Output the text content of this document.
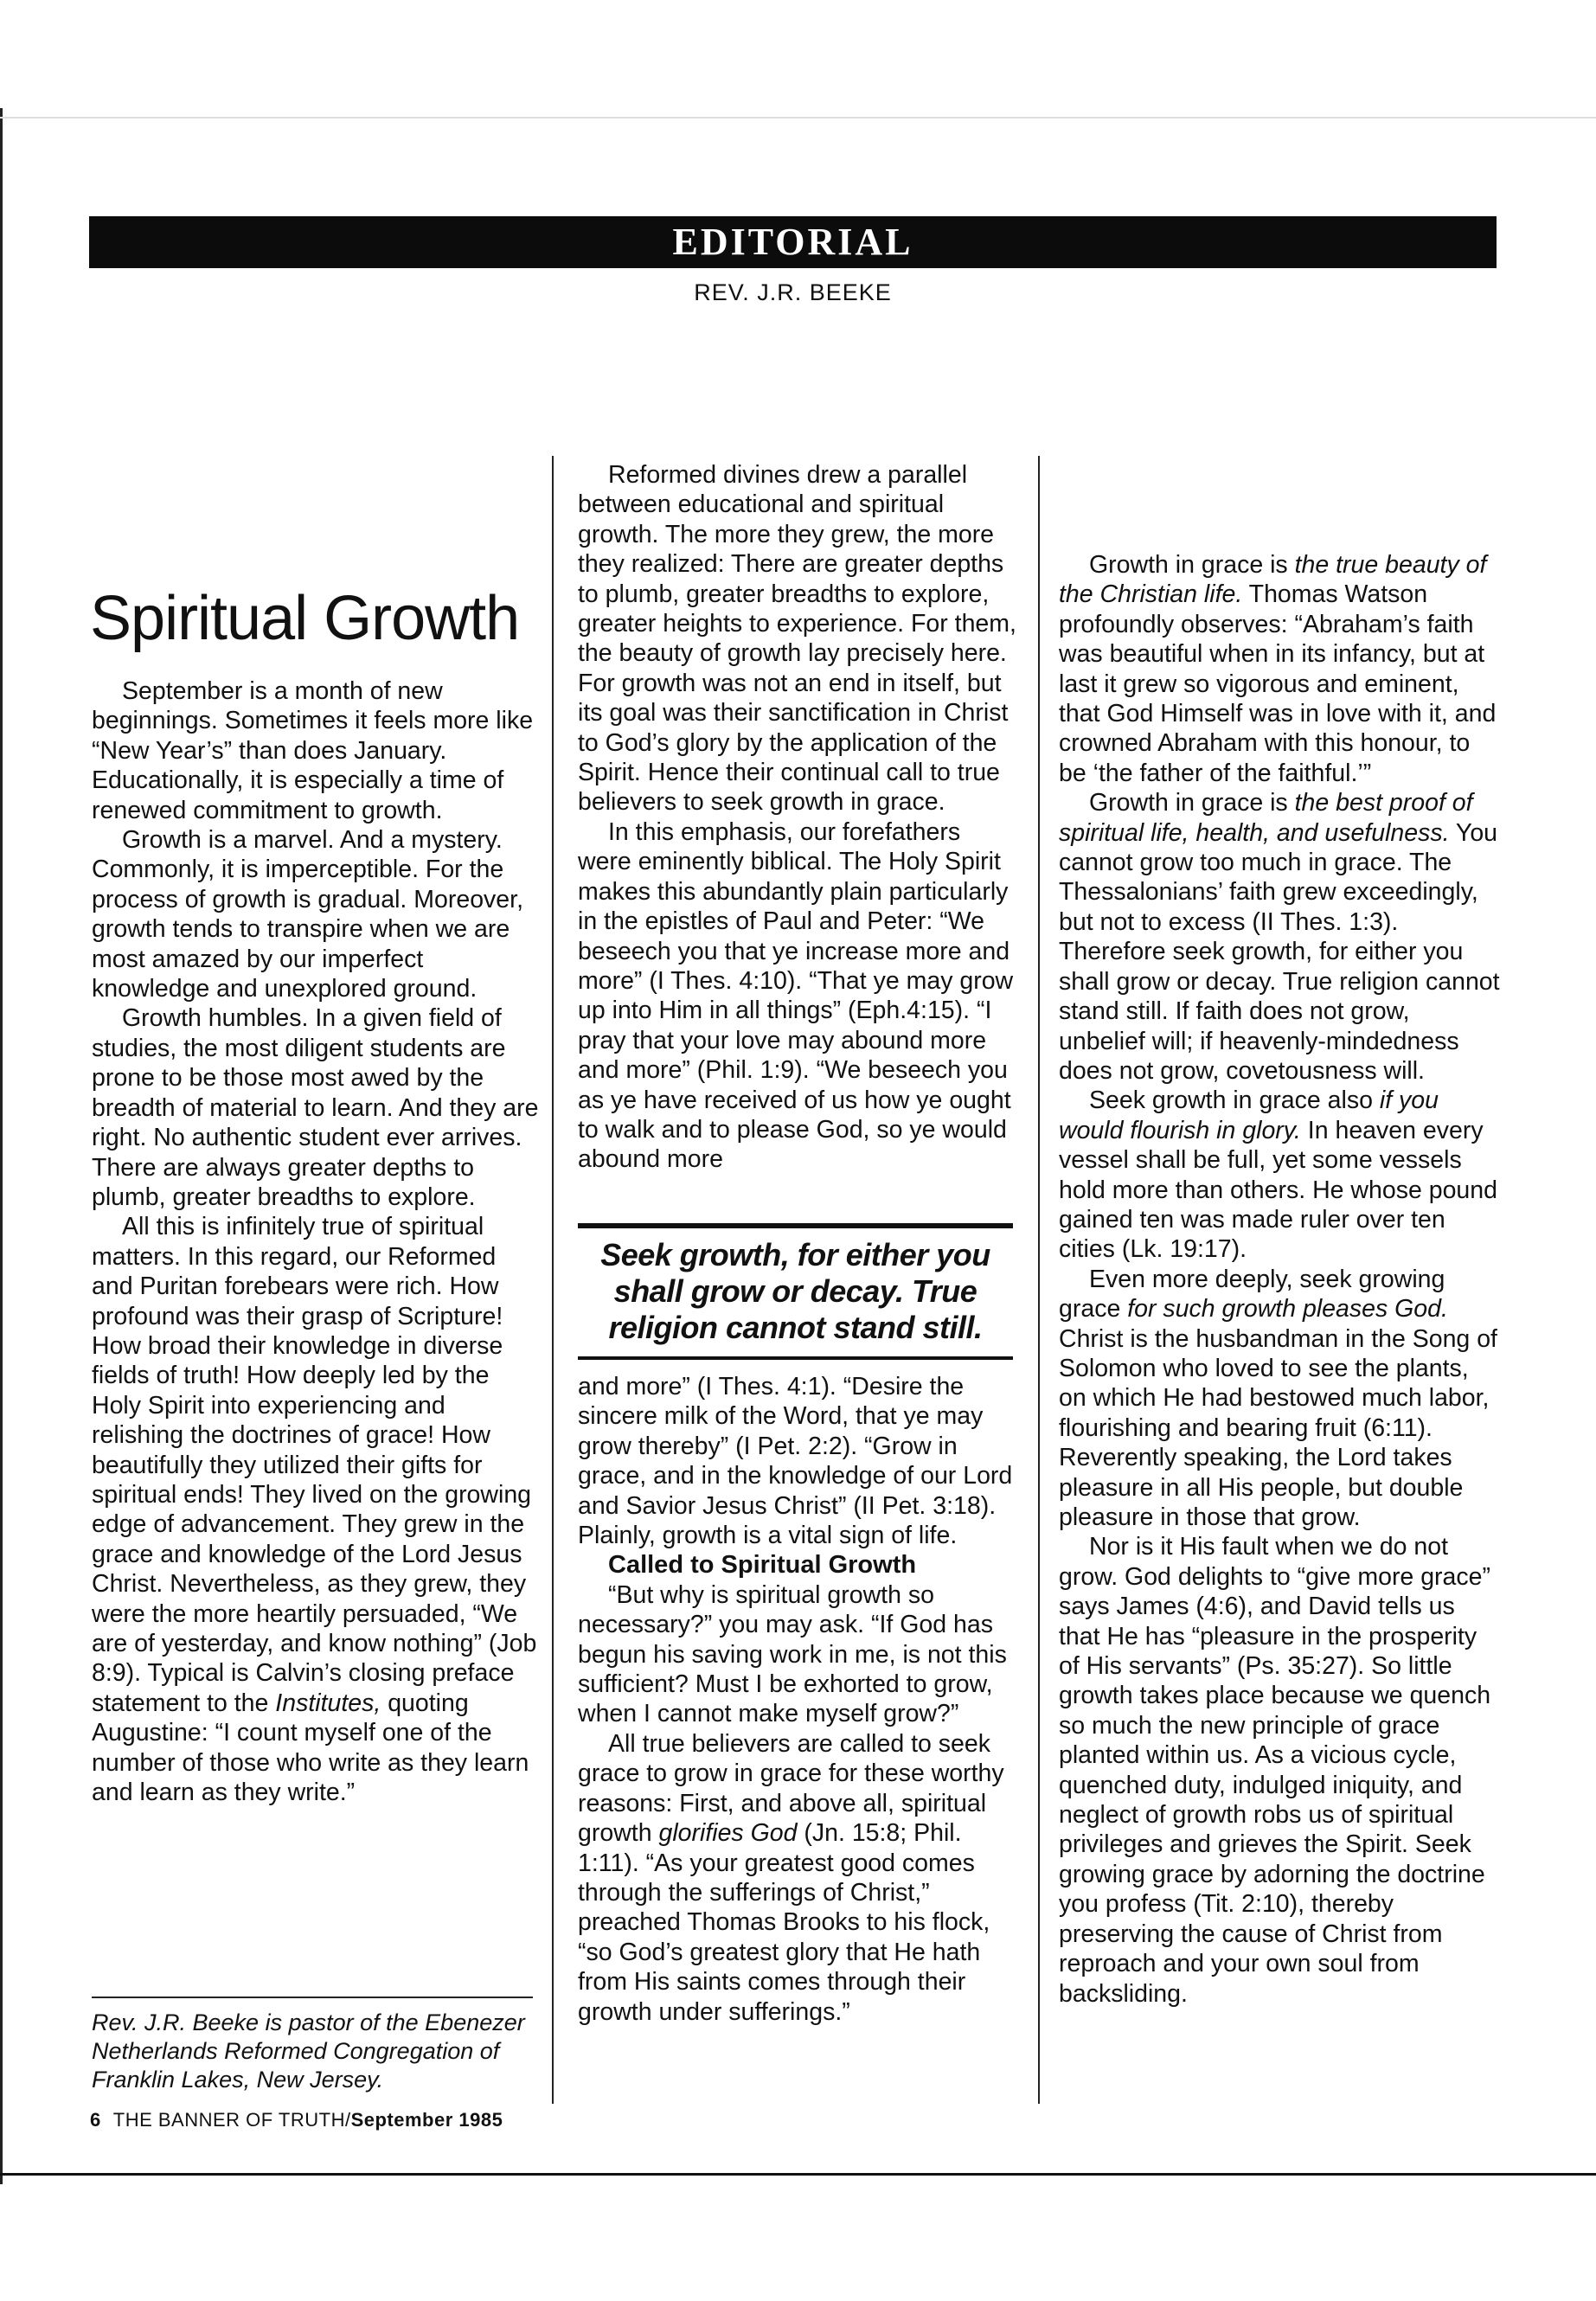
EDITORIAL
REV. J.R. BEEKE
Spiritual Growth

September is a month of new beginnings. Sometimes it feels more like “New Year’s” than does January. Educationally, it is especially a time of renewed commitment to growth.

Growth is a marvel. And a mystery. Commonly, it is imperceptible. For the process of growth is gradual. Moreover, growth tends to transpire when we are most amazed by our imperfect knowledge and unexplored ground.

Growth humbles. In a given field of studies, the most diligent students are prone to be those most awed by the breadth of material to learn. And they are right. No authentic student ever arrives. There are always greater depths to plumb, greater breadths to explore.

All this is infinitely true of spiritual matters. In this regard, our Reformed and Puritan forebears were rich. How profound was their grasp of Scripture! How broad their knowledge in diverse fields of truth! How deeply led by the Holy Spirit into experiencing and relishing the doctrines of grace! How beautifully they utilized their gifts for spiritual ends! They lived on the growing edge of advancement. They grew in the grace and knowledge of the Lord Jesus Christ. Nevertheless, as they grew, they were the more heartily persuaded, “We are of yesterday, and know nothing” (Job 8:9). Typical is Calvin’s closing preface statement to the Institutes, quoting Augustine: “I count myself one of the number of those who write as they learn and learn as they write.”

Reformed divines drew a parallel between educational and spiritual growth. The more they grew, the more they realized: There are greater depths to plumb, greater breadths to explore, greater heights to experience. For them, the beauty of growth lay precisely here. For growth was not an end in itself, but its goal was their sanctification in Christ to God’s glory by the application of the Spirit. Hence their continual call to true believers to seek growth in grace.

In this emphasis, our forefathers were eminently biblical. The Holy Spirit makes this abundantly plain particularly in the epistles of Paul and Peter: “We beseech you that ye increase more and more” (I Thes. 4:10). “That ye may grow up into Him in all things” (Eph.4:15). “I pray that your love may abound more and more” (Phil. 1:9). “We beseech you as ye have received of us how ye ought to walk and to please God, so ye would abound more

Seek growth, for either you shall grow or decay. True religion cannot stand still.

and more” (I Thes. 4:1). “Desire the sincere milk of the Word, that ye may grow thereby” (I Pet. 2:2). “Grow in grace, and in the knowledge of our Lord and Savior Jesus Christ” (II Pet. 3:18). Plainly, growth is a vital sign of life.

Called to Spiritual Growth

“But why is spiritual growth so necessary?” you may ask. “If God has begun his saving work in me, is not this sufficient? Must I be exhorted to grow, when I cannot make myself grow?”

All true believers are called to seek grace to grow in grace for these worthy reasons: First, and above all, spiritual growth glorifies God (Jn. 15:8; Phil. 1:11). “As your greatest good comes through the sufferings of Christ,” preached Thomas Brooks to his flock, “so God’s greatest glory that He hath from His saints comes through their growth under sufferings.”

Growth in grace is the true beauty of the Christian life. Thomas Watson profoundly observes: “Abraham’s faith was beautiful when in its infancy, but at last it grew so vigorous and eminent, that God Himself was in love with it, and crowned Abraham with this honour, to be ‘the father of the faithful.’”

Growth in grace is the best proof of spiritual life, health, and usefulness. You cannot grow too much in grace. The Thessalonians’ faith grew exceedingly, but not to excess (II Thes. 1:3). Therefore seek growth, for either you shall grow or decay. True religion cannot stand still. If faith does not grow, unbelief will; if heavenly-mindedness does not grow, covetousness will.

Seek growth in grace also if you would flourish in glory. In heaven every vessel shall be full, yet some vessels hold more than others. He whose pound gained ten was made ruler over ten cities (Lk. 19:17).

Even more deeply, seek growing grace for such growth pleases God. Christ is the husbandman in the Song of Solomon who loved to see the plants, on which He had bestowed much labor, flourishing and bearing fruit (6:11). Reverently speaking, the Lord takes pleasure in all His people, but double pleasure in those that grow.

Nor is it His fault when we do not grow. God delights to “give more grace” says James (4:6), and David tells us that He has “pleasure in the prosperity of His servants” (Ps. 35:27). So little growth takes place because we quench so much the new principle of grace planted within us. As a vicious cycle, quenched duty, indulged iniquity, and neglect of growth robs us of spiritual privileges and grieves the Spirit. Seek growing grace by adorning the doctrine you profess (Tit. 2:10), thereby preserving the cause of Christ from reproach and your own soul from backsliding.

Rev. J.R. Beeke is pastor of the Ebenezer Netherlands Reformed Congregation of Franklin Lakes, New Jersey.
6 THE BANNER OF TRUTH/September 1985
